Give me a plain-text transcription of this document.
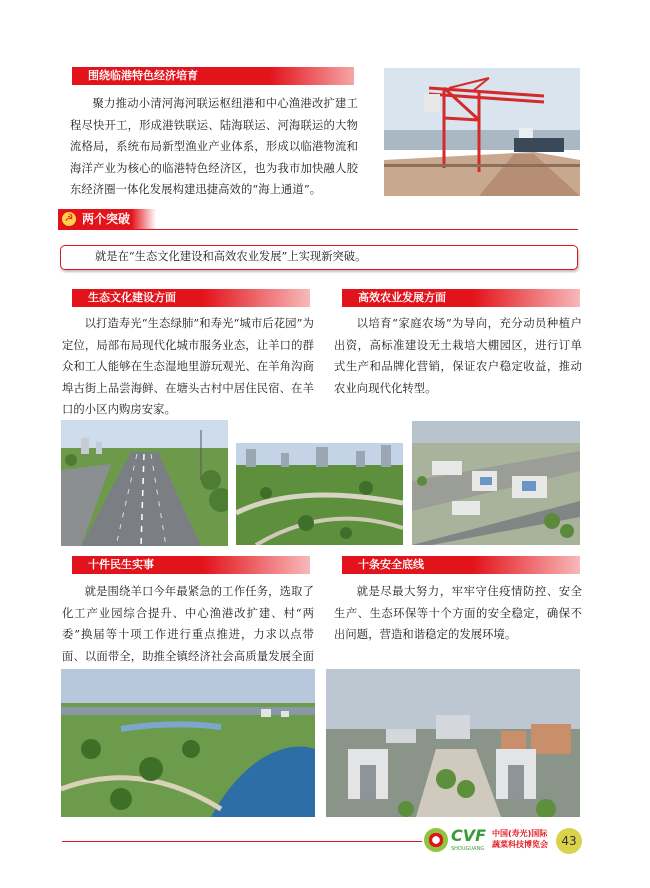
围绕临港特色经济培育

聚力推动小清河海河联运枢纽港和中心渔港改扩建工程尽快开工，形成港铁联运、陆海联运、河海联运的大物流格局，系统布局新型渔业产业体系，形成以临港物流和海洋产业为核心的临港特色经济区，也为我市加快融人胶东经济圈一体化发展构建迅捷高效的“海上通道”。

☭ 两个突破
就是在“生态文化建设和高效农业发展”上实现新突破。
生态文化建设方面

以打造寿光“生态绿肺”和寿光“城市后花园”为定位，局部布局现代化城市服务业态，让羊口的群众和工人能够在生态湿地里游玩观光、在羊角沟商埠古街上品尝海鲜、在塘头古村中居住民宿、在羊口的小区内购房安家。

高效农业发展方面

以培育“家庭农场”为导向，充分动员种植户出资，高标准建设无土栽培大棚园区，进行订单式生产和品牌化营销，保证农户稳定收益，推动农业向现代化转型。

十件民生实事

就是围绕羊口今年最紧急的工作任务，选取了化工产业园综合提升、中心渔港改扩建、村“两委”换届等十项工作进行重点推进，力求以点带面、以面带全，助推全镇经济社会高质量发展全面

十条安全底线

就是尽最大努力，牢牢守住疫情防控、安全生产、生态环保等十个方面的安全稳定，确保不出问题，营造和谐稳定的发展环境。

CVF
SHOUGUANG
中国(寿光)国际
蔬菜科技博览会	43
